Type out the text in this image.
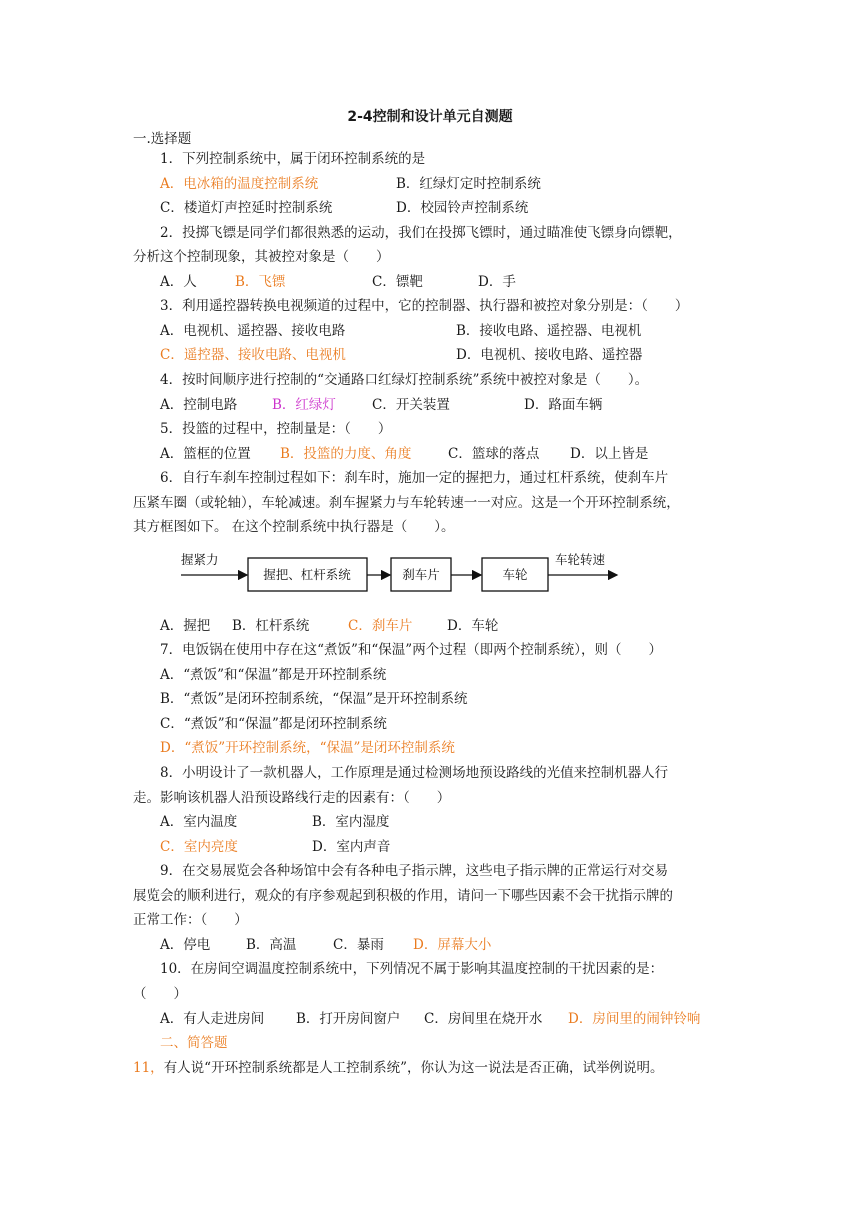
2-4控制和设计单元自测题
一.选择题
1．下列控制系统中，属于闭环控制系统的是
A．电冰箱的温度控制系统	B．红绿灯定时控制系统
C．楼道灯声控延时控制系统	D．校园铃声控制系统
2．投掷飞镖是同学们都很熟悉的运动，我们在投掷飞镖时，通过瞄准使飞镖身向镖靶，
分析这个控制现象，其被控对象是（　　）
A．人	B．飞镖	C．镖靶	D．手
3．利用遥控器转换电视频道的过程中，它的控制器、执行器和被控对象分别是：（　　）
A．电视机、遥控器、接收电路	B．接收电路、遥控器、电视机
C．遥控器、接收电路、电视机	D．电视机、接收电路、遥控器
4．按时间顺序进行控制的“交通路口红绿灯控制系统”系统中被控对象是（　　）。
A．控制电路	B．红绿灯	C．开关装置	D．路面车辆
5．投篮的过程中，控制量是：（　　）
A．篮框的位置 B．投篮的力度、角度	C．篮球的落点 D．以上皆是
6．自行车刹车控制过程如下：刹车时，施加一定的握把力，通过杠杆系统，使刹车片
压紧车圈（或轮轴），车轮减速。刹车握紧力与车轮转速一一对应。这是一个开环控制系统，
其方框图如下。 在这个控制系统中执行器是（　　）。
握紧力
握把、杠杆系统	刹车片	车轮
车轮转速
A．握把 B．杠杆系统	C．刹车片	D．车轮
7．电饭锅在使用中存在这“煮饭”和“保温”两个过程（即两个控制系统），则（　　）
A．“煮饭”和“保温”都是开环控制系统
B．“煮饭”是闭环控制系统，“保温”是开环控制系统
C．“煮饭”和“保温”都是闭环控制系统
D．“煮饭”开环控制系统，“保温”是闭环控制系统
8．小明设计了一款机器人，工作原理是通过检测场地预设路线的光值来控制机器人行
走。影响该机器人沿预设路线行走的因素有：（　　）
A．室内温度	B．室内湿度
C．室内亮度	D．室内声音
9．在交易展览会各种场馆中会有各种电子指示牌，这些电子指示牌的正常运行对交易
展览会的顺利进行，观众的有序参观起到积极的作用，请问一下哪些因素不会干扰指示牌的
正常工作：（　　）
A．停电	B．高温	C．暴雨 D．屏幕大小
10．在房间空调温度控制系统中，下列情况不属于影响其温度控制的干扰因素的是：
（　　）
A．有人走进房间 B．打开房间窗户 C．房间里在烧开水 D．房间里的闹钟铃响
二、简答题
11，有人说“开环控制系统都是人工控制系统”，你认为这一说法是否正确，试举例说明。
